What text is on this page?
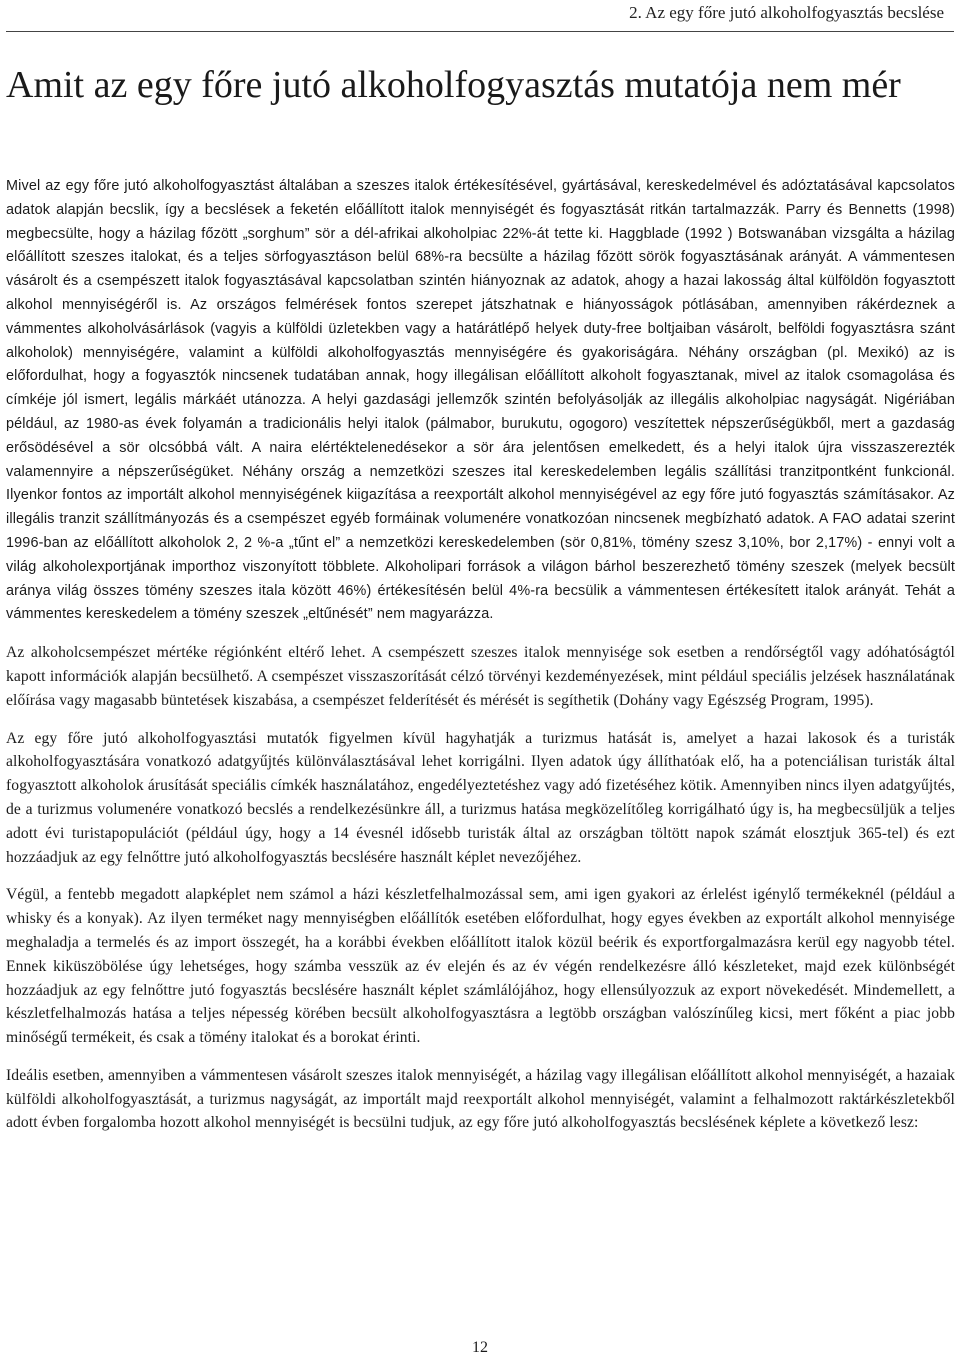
2. Az egy főre jutó alkoholfogyasztás becslése
Amit az egy főre jutó alkoholfogyasztás mutatója nem mér

Mivel az egy főre jutó alkoholfogyasztást általában a szeszes italok értékesítésével, gyártásával, kereskedelmével és adóztatásával kapcsolatos adatok alapján becslik, így a becslések a feketén előállított italok mennyiségét és fogyasztását ritkán tartalmazzák. Parry és Bennetts (1998) megbecsülte, hogy a házilag főzött „sorghum” sör a dél-afrikai alkoholpiac 22%-át tette ki. Haggblade (1992 ) Botswanában vizsgálta a házilag előállított szeszes italokat, és a teljes sörfogyasztáson belül 68%-ra becsülte a házilag főzött sörök fogyasztásának arányát. A vámmentesen vásárolt és a csempészett italok fogyasztásával kapcsolatban szintén hiányoznak az adatok, ahogy a hazai lakosság által külföldön fogyasztott alkohol mennyiségéről is. Az országos felmérések fontos szerepet játszhatnak e hiányosságok pótlásában, amennyiben rákérdeznek a vámmentes alkoholvásárlások (vagyis a külföldi üzletekben vagy a határátlépő helyek duty-free boltjaiban vásárolt, belföldi fogyasztásra szánt alkoholok) mennyiségére, valamint a külföldi alkoholfogyasztás mennyiségére és gyakoriságára. Néhány országban (pl. Mexikó) az is előfordulhat, hogy a fogyasztók nincsenek tudatában annak, hogy illegálisan előállított alkoholt fogyasztanak, mivel az italok csomagolása és címkéje jól ismert, legális márkáét utánozza. A helyi gazdasági jellemzők szintén befolyásolják az illegális alkoholpiac nagyságát. Nigériában például, az 1980-as évek folyamán a tradicionális helyi italok (pálmabor, burukutu, ogogoro) veszítettek népszerűségükből, mert a gazdaság erősödésével a sör olcsóbbá vált. A naira elértéktelenedésekor a sör ára jelentősen emelkedett, és a helyi italok újra visszaszerezték valamennyire a népszerűségüket. Néhány ország a nemzetközi szeszes ital kereskedelemben legális szállítási tranzitpontként funkcionál. Ilyenkor fontos az importált alkohol mennyiségének kiigazítása a reexportált alkohol mennyiségével az egy főre jutó fogyasztás számításakor. Az illegális tranzit szállítmányozás és a csempészet egyéb formáinak volumenére vonatkozóan nincsenek megbízható adatok. A FAO adatai szerint 1996-ban az előállított alkoholok 2, 2 %-a „tűnt el” a nemzetközi kereskedelemben (sör 0,81%, tömény szesz 3,10%, bor 2,17%) - ennyi volt a világ alkoholexportjának importhoz viszonyított többlete. Alkoholipari források a világon bárhol beszerezhető tömény szeszek (melyek becsült aránya világ összes tömény szeszes itala között 46%) értékesítésén belül 4%-ra becsülik a vámmentesen értékesített italok arányát. Tehát a vámmentes kereskedelem a tömény szeszek „eltűnését” nem magyarázza.

Az alkoholcsempészet mértéke régiónként eltérő lehet. A csempészett szeszes italok mennyisége sok esetben a rendőrségtől vagy adóhatóságtól kapott információk alapján becsülhető. A csempészet visszaszorítását célzó törvényi kezdeményezések, mint például speciális jelzések használatának előírása vagy magasabb büntetések kiszabása, a csempészet felderítését és mérését is segíthetik (Dohány vagy Egészség Program, 1995).

Az egy főre jutó alkoholfogyasztási mutatók figyelmen kívül hagyhatják a turizmus hatását is, amelyet a hazai lakosok és a turisták alkoholfogyasztására vonatkozó adatgyűjtés különválasztásával lehet korrigálni. Ilyen adatok úgy állíthatóak elő, ha a potenciálisan turisták által fogyasztott alkoholok árusítását speciális címkék használatához, engedélyeztetéshez vagy adó fizetéséhez kötik. Amennyiben nincs ilyen adatgyűjtés, de a turizmus volumenére vonatkozó becslés a rendelkezésünkre áll, a turizmus hatása megközelítőleg korrigálható úgy is, ha megbecsüljük a teljes adott évi turistapopulációt (például úgy, hogy a 14 évesnél idősebb turisták által az országban töltött napok számát elosztjuk 365-tel) és ezt hozzáadjuk az egy felnőttre jutó alkoholfogyasztás becslésére használt képlet nevezőjéhez.

Végül, a fentebb megadott alapképlet nem számol a házi készletfelhalmozással sem, ami igen gyakori az érlelést igénylő termékeknél (például a whisky és a konyak). Az ilyen terméket nagy mennyiségben előállítók esetében előfordulhat, hogy egyes években az exportált alkohol mennyisége meghaladja a termelés és az import összegét, ha a korábbi években előállított italok közül beérik és exportforgalmazásra kerül egy nagyobb tétel. Ennek kiküszöbölése úgy lehetséges, hogy számba vesszük az év elején és az év végén rendelkezésre álló készleteket, majd ezek különbségét hozzáadjuk az egy felnőttre jutó fogyasztás becslésére használt képlet számlálójához, hogy ellensúlyozzuk az export növekedését. Mindemellett, a készletfelhalmozás hatása a teljes népesség körében becsült alkoholfogyasztásra a legtöbb országban valószínűleg kicsi, mert főként a piac jobb minőségű termékeit, és csak a tömény italokat és a borokat érinti.

Ideális esetben, amennyiben a vámmentesen vásárolt szeszes italok mennyiségét, a házilag vagy illegálisan előállított alkohol mennyiségét, a hazaiak külföldi alkoholfogyasztását, a turizmus nagyságát, az importált majd reexportált alkohol mennyiségét, valamint a felhalmozott raktárkészletekből adott évben forgalomba hozott alkohol mennyiségét is becsülni tudjuk, az egy főre jutó alkoholfogyasztás becslésének képlete a következő lesz:

12
